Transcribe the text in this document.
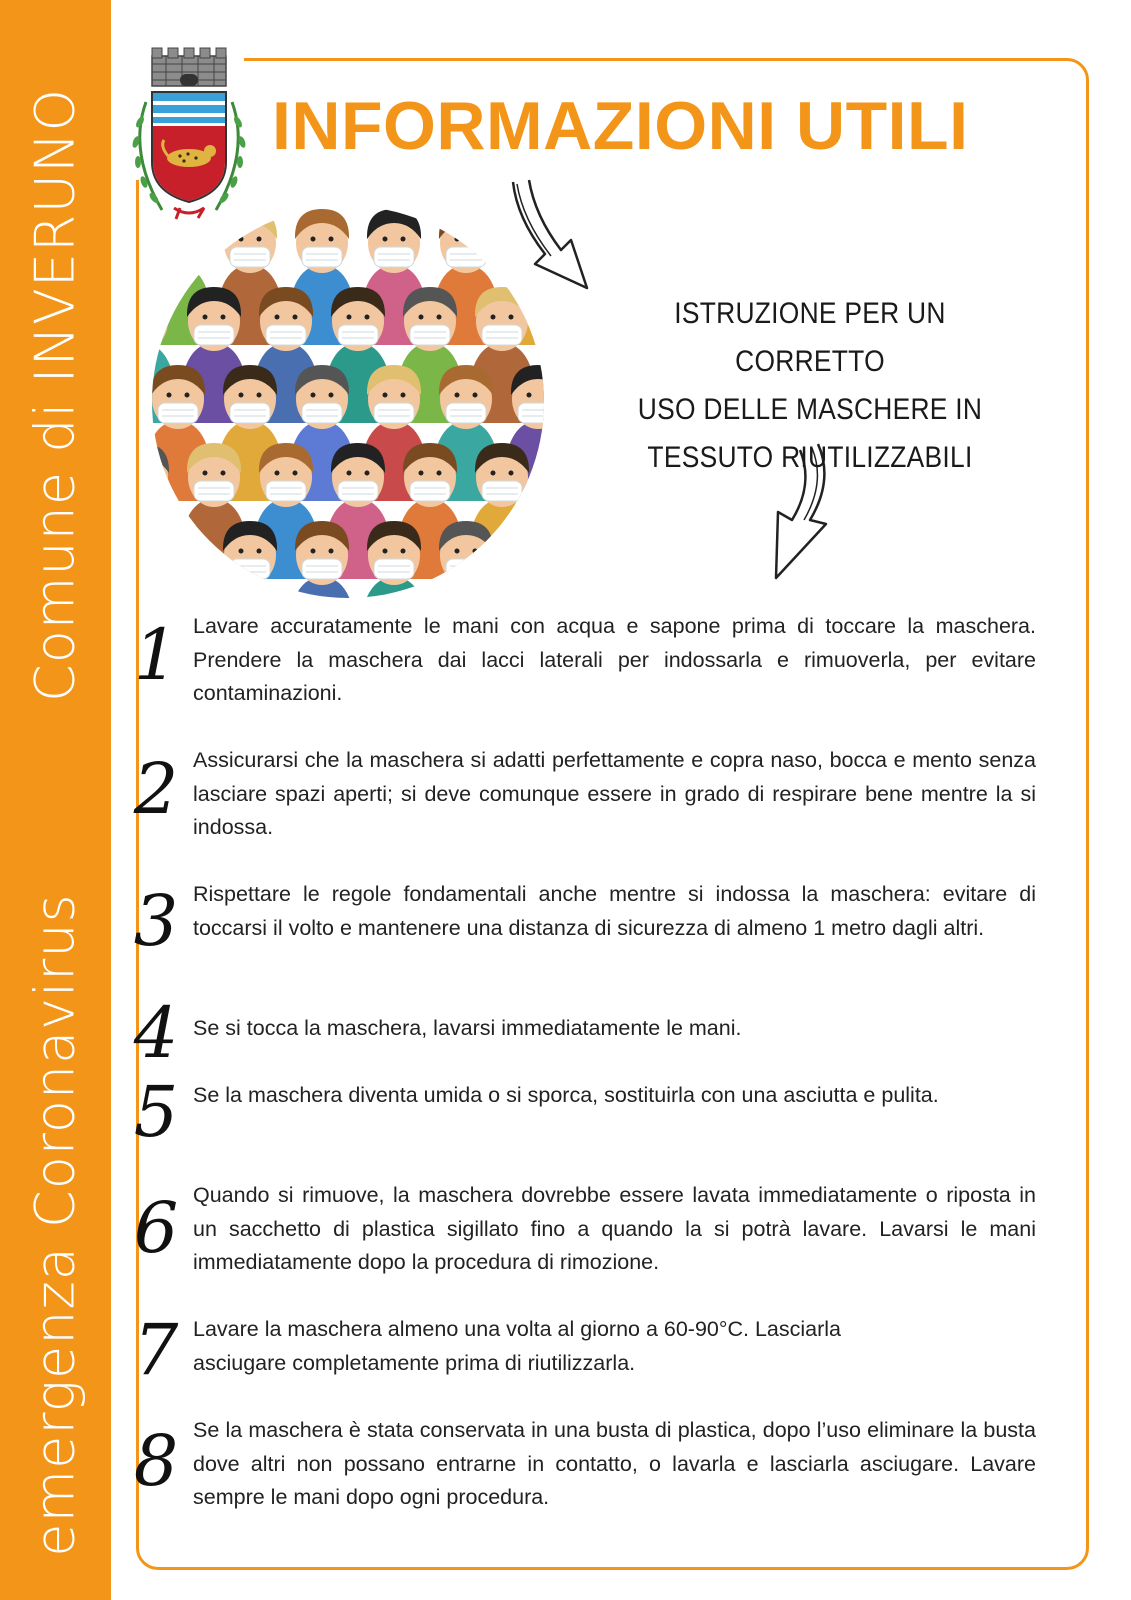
Comune di INVERUNO
emergenza Coronavirus
INFORMAZIONI UTILI

ISTRUZIONE PER UN CORRETTO
USO DELLE MASCHERE IN
TESSUTO RIUTILIZZABILI

1 Lavare accuratamente le mani con acqua e sapone prima di toccare la maschera. Prendere la maschera dai lacci laterali per indossarla e rimuoverla, per evitare contaminazioni.

2 Assicurarsi che la maschera si adatti perfettamente e copra naso, bocca e mento senza lasciare spazi aperti; si deve comunque essere in grado di respirare bene mentre la si indossa.

3 Rispettare le regole fondamentali anche mentre si indossa la maschera: evitare di toccarsi il volto e mantenere una distanza di sicurezza di almeno 1 metro dagli altri.

4 Se si tocca la maschera, lavarsi immediatamente le mani.

5 Se la maschera diventa umida o si sporca, sostituirla con una asciutta e pulita.

6 Quando si rimuove, la maschera dovrebbe essere lavata immediatamente o riposta in un sacchetto di plastica sigillato fino a quando la si potrà lavare. Lavarsi le mani immediatamente dopo la procedura di rimozione.

7 Lavare la maschera almeno una volta al giorno a 60-90°C. Lasciarla asciugare completamente prima di riutilizzarla.

8 Se la maschera è stata conservata in una busta di plastica, dopo l’uso eliminare la busta dove altri non possano entrarne in contatto, o lavarla e lasciarla asciugare. Lavare sempre le mani dopo ogni procedura.
